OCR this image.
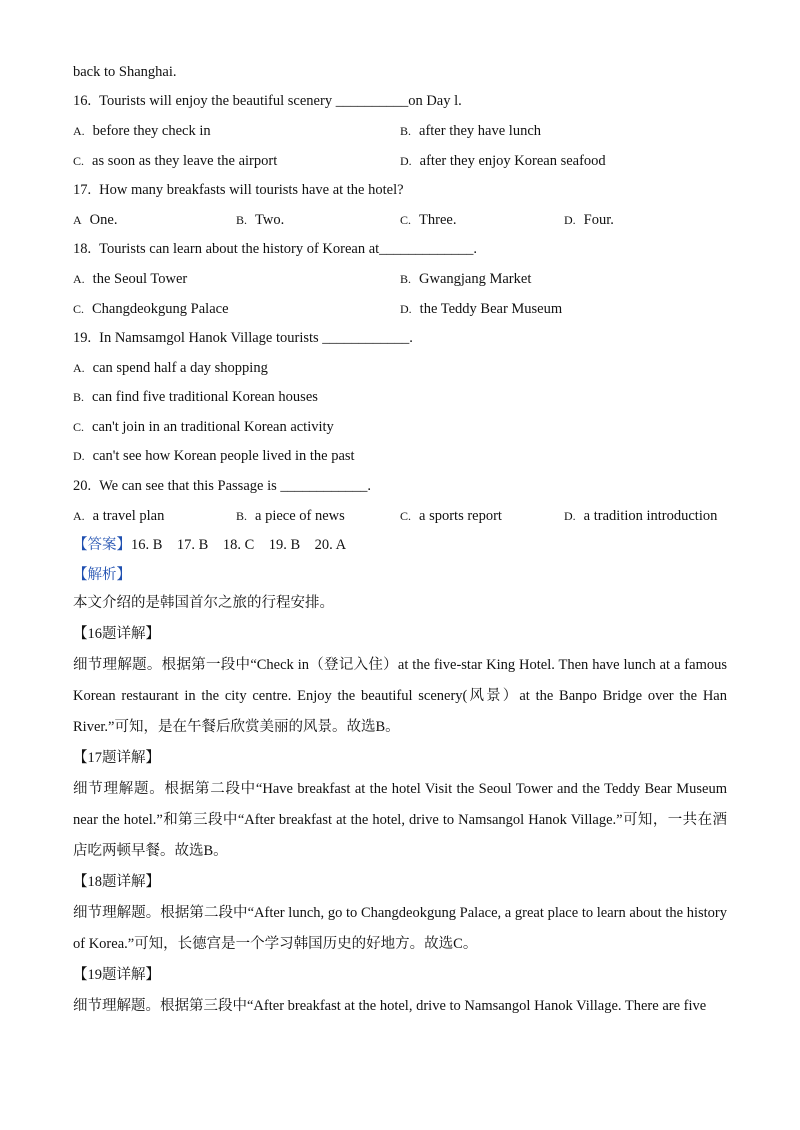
back to Shanghai.
16. Tourists will enjoy the beautiful scenery __________on Day l.
A. before they check in	B. after they have lunch
C. as soon as they leave the airport	D. after they enjoy Korean seafood
17. How many breakfasts will tourists have at the hotel?
A One.	B. Two.	C. Three.	D. Four.
18. Tourists can learn about the history of Korean at_____________.
A. the Seoul Tower	B. Gwangjang Market
C. Changdeokgung Palace	D. the Teddy Bear Museum
19. In Namsamgol Hanok Village tourists ____________.
A. can spend half a day shopping
B. can find five traditional Korean houses
C. can't join in an traditional Korean activity
D. can't see how Korean people lived in the past
20. We can see that this Passage is ____________.
A. a travel plan	B. a piece of news	C. a sports report	D. a tradition introduction
【答案】16. B    17. B    18. C    19. B    20. A
【解析】

本文介绍的是韩国首尔之旅的行程安排。

【16题详解】

细节理解题。根据第一段中“Check in（登记入住）at the five-star King Hotel. Then have lunch at a famous Korean restaurant in the city centre. Enjoy the beautiful scenery(风景）at the Banpo Bridge over the Han River.”可知，是在午餐后欣赏美丽的风景。故选B。

【17题详解】

细节理解题。根据第二段中“Have breakfast at the hotel Visit the Seoul Tower and the Teddy Bear Museum near the hotel.”和第三段中“After breakfast at the hotel, drive to Namsangol Hanok Village.”可知，一共在酒店吃两顿早餐。故选B。

【18题详解】

细节理解题。根据第二段中“After lunch, go to Changdeokgung Palace, a great place to learn about the history of Korea.”可知，长德宫是一个学习韩国历史的好地方。故选C。

【19题详解】

细节理解题。根据第三段中“After breakfast at the hotel, drive to Namsangol Hanok Village. There are five
